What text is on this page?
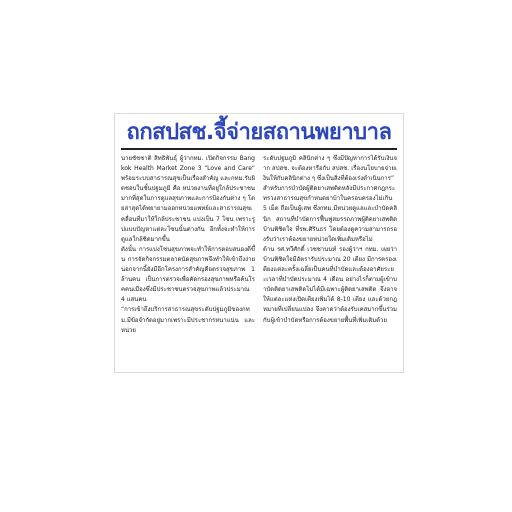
ถกสปสช.จี้จ่ายสถานพยาบาล

นายชัชชาติ สิทธิพันธุ์ ผู้ว่ากทม. เปิดกิจกรรม Bangkok Health Market Zone 3 “Love and Care” พร้อมระบบสาธารณสุขเป็นเรื่องสำคัญ และกทม.รับผิดชอบในชั้นปฐมภูมิ คือ หน่วยงานที่อยู่ใกล้ประชาชนมากที่สุดในการดูแลสุขภาพและการป้องกันต่าง ๆ โดยล่าสุดได้พยายามออกหน่วยแพทย์และสาธารณสุขเคลื่อนที่มาให้ใกล้ประชาชน แบ่งเป็น 7 โซน เพราะรูปแบบปัญหาแต่ละโซนนั้นต่างกัน อีกทั้งจะทำให้การดูแลใกล้ชิดมากขึ้น

ดังนั้น การแบ่งโซนสุขภาพจะทำให้การตอบสนองดีขึ้น การจัดกิจกรรมตลาดนัดสุขภาพจึงทำให้เข้าถึงง่ายนอกจากนี้ยังมีอีกโครงการสำคัญคือตรวจสุขภาพ 1 ล้านคน เป็นการตรวจเพื่อคัดกรองสุขภาพหรือค้นโรคคนเมืองซึ่งมีประชาชนตรวจสุขภาพแล้วประมาณ 4 แสนคน

“การเข้าถึงบริการสาธารณสุขระดับปฐมภูมิของกทม.มีข้อจำกัดอยู่มากเพราะมีประชากรหนาแน่น และหน่วย

ระดับปฐมภูมิ คลินิกต่าง ๆ ซึ่งมีปัญหาการได้รับเงินจาก สปสช. จะต้องหารือกับ สปสช. เรื่องนโยบายจ่ายเงินให้กับคลินิกต่าง ๆ ซึ่งเป็นสิ่งที่ต้องเร่งดำเนินการ”

สำหรับการบำบัดผู้ติดยาเสพติดหลังมีประกาศกฎกระทรวงสาธารณสุขกำหนดยาบ้าในครอบครองไม่เกิน 5 เม็ด ถือเป็นผู้เสพ ซึ่งกทม.มีหน่วยดูแลและบำบัดคลินิก สถานที่บำบัดการฟื้นฟูสมรรถภาพผู้ติดยาเสพติด บ้านพิชิตใจ ที่รพ.ศิรินธร โดยต้องดูความสามารถรองรับว่าเราต้องขยายหน่วยใดเพิ่มเติมหรือไม่

ด้าน รศ.ทวีศักดิ์ เวชชานนท์ รองผู้ว่าฯ กทม. เผยว่า บ้านพิชิตใจมีอัตรารับประมาณ 20 เตียง มีการครองเตียงแต่ละครั้งเฉลี่ยเป็นคนที่บำบัดและต้องอาศัยระยะเวลาที่บำบัดประมาณ 4 เดือน อย่างไรก็ตามผู้เข้าบำบัดติดยาเสพติดไม่ได้มีเฉพาะผู้ติดยาเสพติด จึงอาจให้แต่ละแห่งเปิดเตียงเพิ่มได้ 8-10 เตียง และด้วยกฎหมายที่เปลี่ยนแปลง จึงคาดว่าต้องรับเคสมากขึ้นร่วมกับผู้เข้าบำบัดหรือการต้องขยายพื้นที่เพิ่มเติมด้วย
